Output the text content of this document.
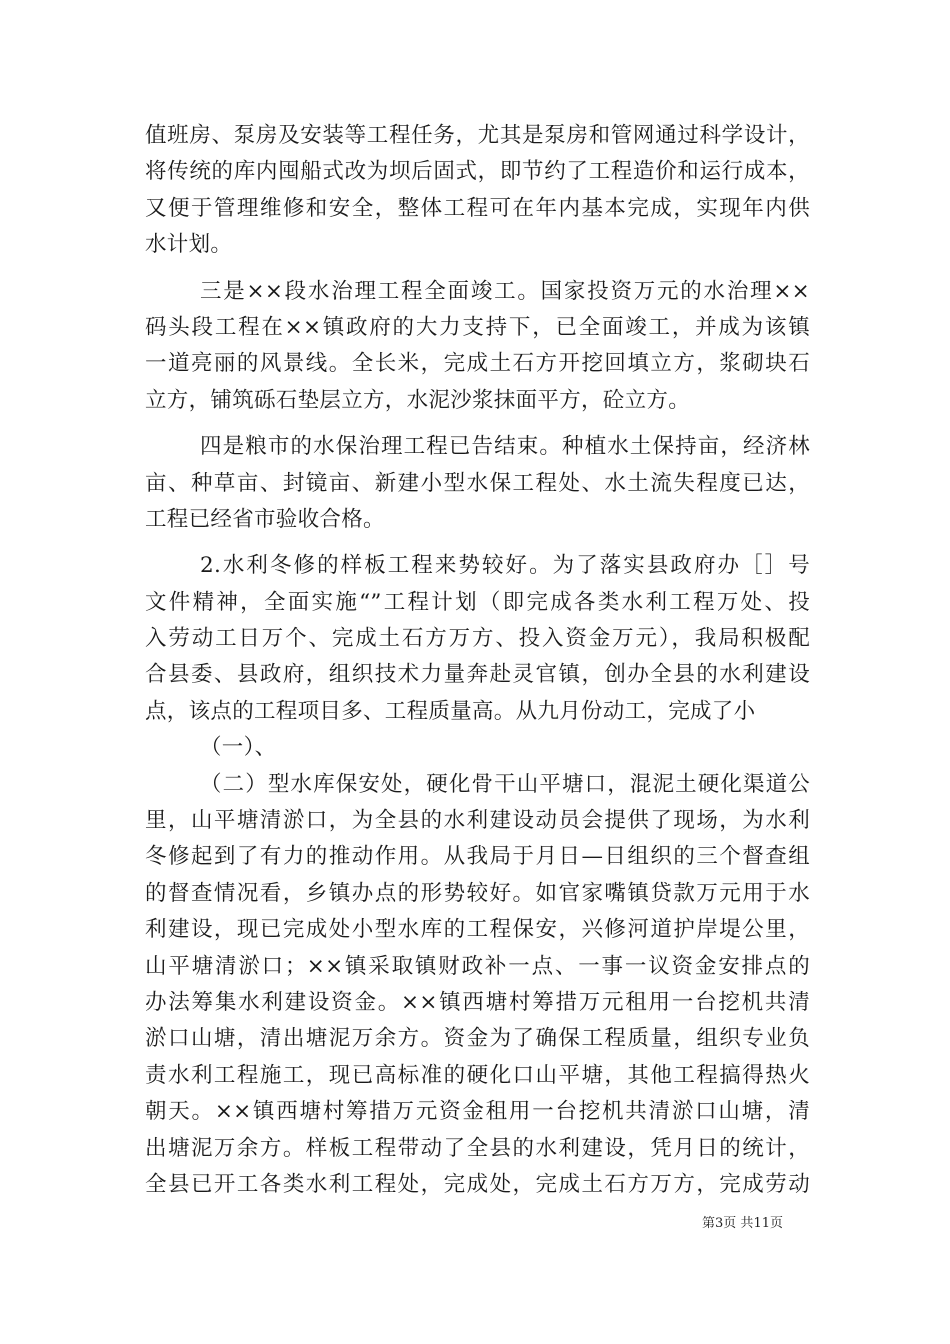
值班房、泵房及安装等工程任务，尤其是泵房和管网通过科学设计，
将传统的库内囤船式改为坝后固式，即节约了工程造价和运行成本，
又便于管理维修和安全，整体工程可在年内基本完成，实现年内供
水计划。
三是××段水治理工程全面竣工。国家投资万元的水治理××
码头段工程在××镇政府的大力支持下，已全面竣工，并成为该镇
一道亮丽的风景线。全长米，完成土石方开挖回填立方，浆砌块石
立方，铺筑砾石垫层立方，水泥沙浆抹面平方，砼立方。
四是粮市的水保治理工程已告结束。种植水土保持亩，经济林
亩、种草亩、封镜亩、新建小型水保工程处、水土流失程度已达，
工程已经省市验收合格。
2.水利冬修的样板工程来势较好。为了落实县政府办［］号
文件精神，全面实施“”工程计划（即完成各类水利工程万处、投
入劳动工日万个、完成土石方万方、投入资金万元），我局积极配
合县委、县政府，组织技术力量奔赴灵官镇，创办全县的水利建设
点，该点的工程项目多、工程质量高。从九月份动工，完成了小
（一）、
（二）型水库保安处，硬化骨干山平塘口，混泥土硬化渠道公
里，山平塘清淤口，为全县的水利建设动员会提供了现场，为水利
冬修起到了有力的推动作用。从我局于月日—日组织的三个督查组
的督查情况看，乡镇办点的形势较好。如官家嘴镇贷款万元用于水
利建设，现已完成处小型水库的工程保安，兴修河道护岸堤公里，
山平塘清淤口；××镇采取镇财政补一点、一事一议资金安排点的
办法筹集水利建设资金。××镇西塘村筹措万元租用一台挖机共清
淤口山塘，清出塘泥万余方。资金为了确保工程质量，组织专业负
责水利工程施工，现已高标准的硬化口山平塘，其他工程搞得热火
朝天。××镇西塘村筹措万元资金租用一台挖机共清淤口山塘，清
出塘泥万余方。样板工程带动了全县的水利建设，凭月日的统计，
全县已开工各类水利工程处，完成处，完成土石方万方，完成劳动
第3页 共11页
